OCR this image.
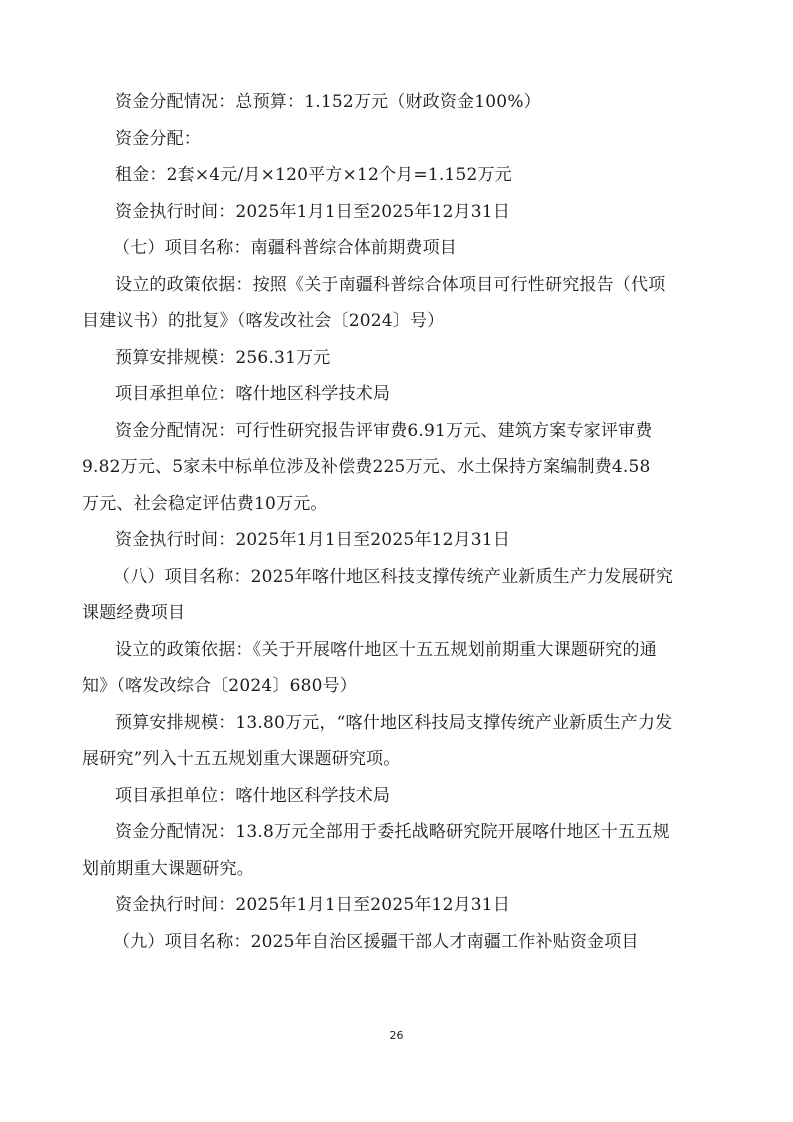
资金分配情况：总预算：1.152万元（财政资金100%）
资金分配：
租金：2套×4元/月×120平方×12个月=1.152万元
资金执行时间：2025年1月1日至2025年12月31日
（七）项目名称：南疆科普综合体前期费项目
设立的政策依据：按照《关于南疆科普综合体项目可行性研究报告（代项
目建议书）的批复》（喀发改社会〔2024〕号）
预算安排规模：256.31万元
项目承担单位：喀什地区科学技术局
资金分配情况：可行性研究报告评审费6.91万元、建筑方案专家评审费
9.82万元、5家未中标单位涉及补偿费225万元、水土保持方案编制费4.58
万元、社会稳定评估费10万元。
资金执行时间：2025年1月1日至2025年12月31日
（八）项目名称：2025年喀什地区科技支撑传统产业新质生产力发展研究
课题经费项目
设立的政策依据：《关于开展喀什地区十五五规划前期重大课题研究的通
知》（喀发改综合〔2024〕680号）
预算安排规模：13.80万元，“喀什地区科技局支撑传统产业新质生产力发
展研究”列入十五五规划重大课题研究项。
项目承担单位：喀什地区科学技术局
资金分配情况：13.8万元全部用于委托战略研究院开展喀什地区十五五规
划前期重大课题研究。
资金执行时间：2025年1月1日至2025年12月31日
（九）项目名称：2025年自治区援疆干部人才南疆工作补贴资金项目
26
